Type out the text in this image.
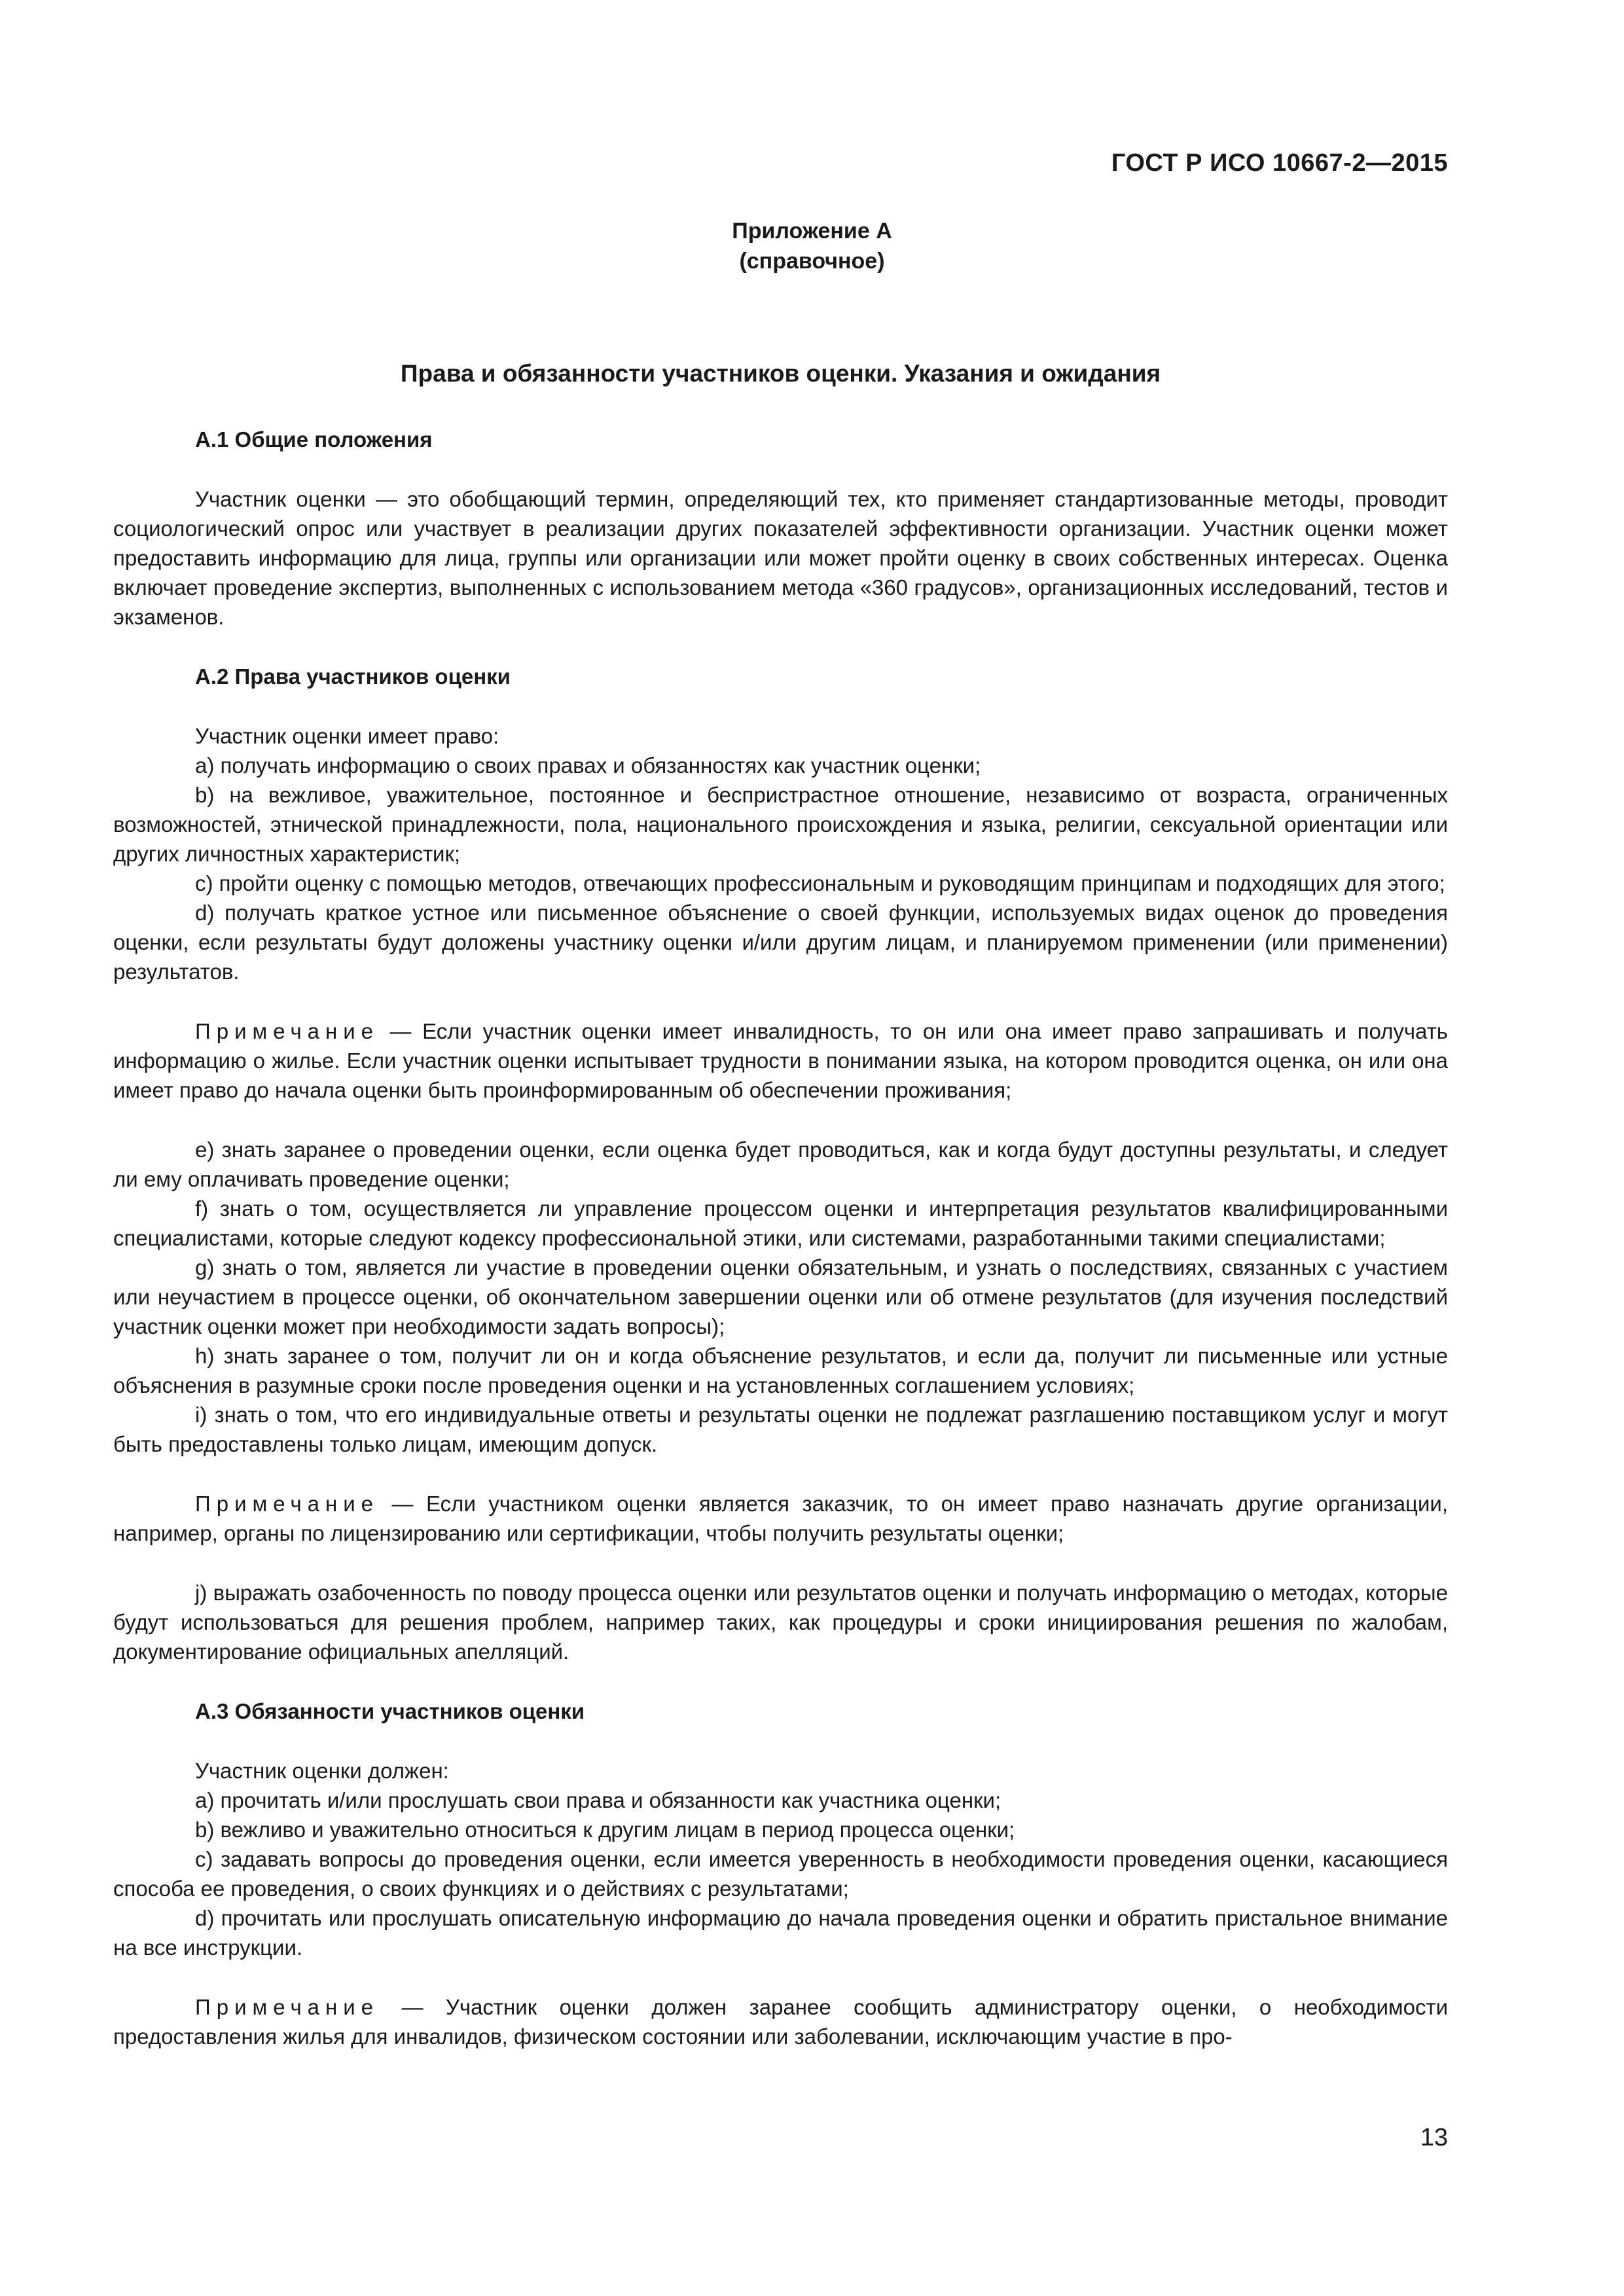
ГОСТ Р ИСО 10667-2—2015
Приложение А
(справочное)
Права и обязанности участников оценки. Указания и ожидания
А.1 Общие положения

Участник оценки — это обобщающий термин, определяющий тех, кто применяет стандартизованные методы, проводит социологический опрос или участвует в реализации других показателей эффективности организации. Участник оценки может предоставить информацию для лица, группы или организации или может пройти оценку в своих собственных интересах. Оценка включает проведение экспертиз, выполненных с использованием метода «360 градусов», организационных исследований, тестов и экзаменов.

А.2 Права участников оценки

Участник оценки имеет право:

a) получать информацию о своих правах и обязанностях как участник оценки;

b) на вежливое, уважительное, постоянное и беспристрастное отношение, независимо от возраста, ограниченных возможностей, этнической принадлежности, пола, национального происхождения и языка, религии, сексуальной ориентации или других личностных характеристик;

c) пройти оценку с помощью методов, отвечающих профессиональным и руководящим принципам и подходящих для этого;

d) получать краткое устное или письменное объяснение о своей функции, используемых видах оценок до проведения оценки, если результаты будут доложены участнику оценки и/или другим лицам, и планируемом применении (или применении) результатов.

Примечание — Если участник оценки имеет инвалидность, то он или она имеет право запрашивать и получать информацию о жилье. Если участник оценки испытывает трудности в понимании языка, на котором проводится оценка, он или она имеет право до начала оценки быть проинформированным об обеспечении проживания;

e) знать заранее о проведении оценки, если оценка будет проводиться, как и когда будут доступны результаты, и следует ли ему оплачивать проведение оценки;

f) знать о том, осуществляется ли управление процессом оценки и интерпретация результатов квалифицированными специалистами, которые следуют кодексу профессиональной этики, или системами, разработанными такими специалистами;

g) знать о том, является ли участие в проведении оценки обязательным, и узнать о последствиях, связанных с участием или неучастием в процессе оценки, об окончательном завершении оценки или об отмене результатов (для изучения последствий участник оценки может при необходимости задать вопросы);

h) знать заранее о том, получит ли он и когда объяснение результатов, и если да, получит ли письменные или устные объяснения в разумные сроки после проведения оценки и на установленных соглашением условиях;

i) знать о том, что его индивидуальные ответы и результаты оценки не подлежат разглашению поставщиком услуг и могут быть предоставлены только лицам, имеющим допуск.

Примечание — Если участником оценки является заказчик, то он имеет право назначать другие организации, например, органы по лицензированию или сертификации, чтобы получить результаты оценки;

j) выражать озабоченность по поводу процесса оценки или результатов оценки и получать информацию о методах, которые будут использоваться для решения проблем, например таких, как процедуры и сроки инициирования решения по жалобам, документирование официальных апелляций.

А.3 Обязанности участников оценки

Участник оценки должен:

a) прочитать и/или прослушать свои права и обязанности как участника оценки;

b) вежливо и уважительно относиться к другим лицам в период процесса оценки;

c) задавать вопросы до проведения оценки, если имеется уверенность в необходимости проведения оценки, касающиеся способа ее проведения, о своих функциях и о действиях с результатами;

d) прочитать или прослушать описательную информацию до начала проведения оценки и обратить пристальное внимание на все инструкции.

Примечание — Участник оценки должен заранее сообщить администратору оценки, о необходимости предоставления жилья для инвалидов, физическом состоянии или заболевании, исключающим участие в про-

13
